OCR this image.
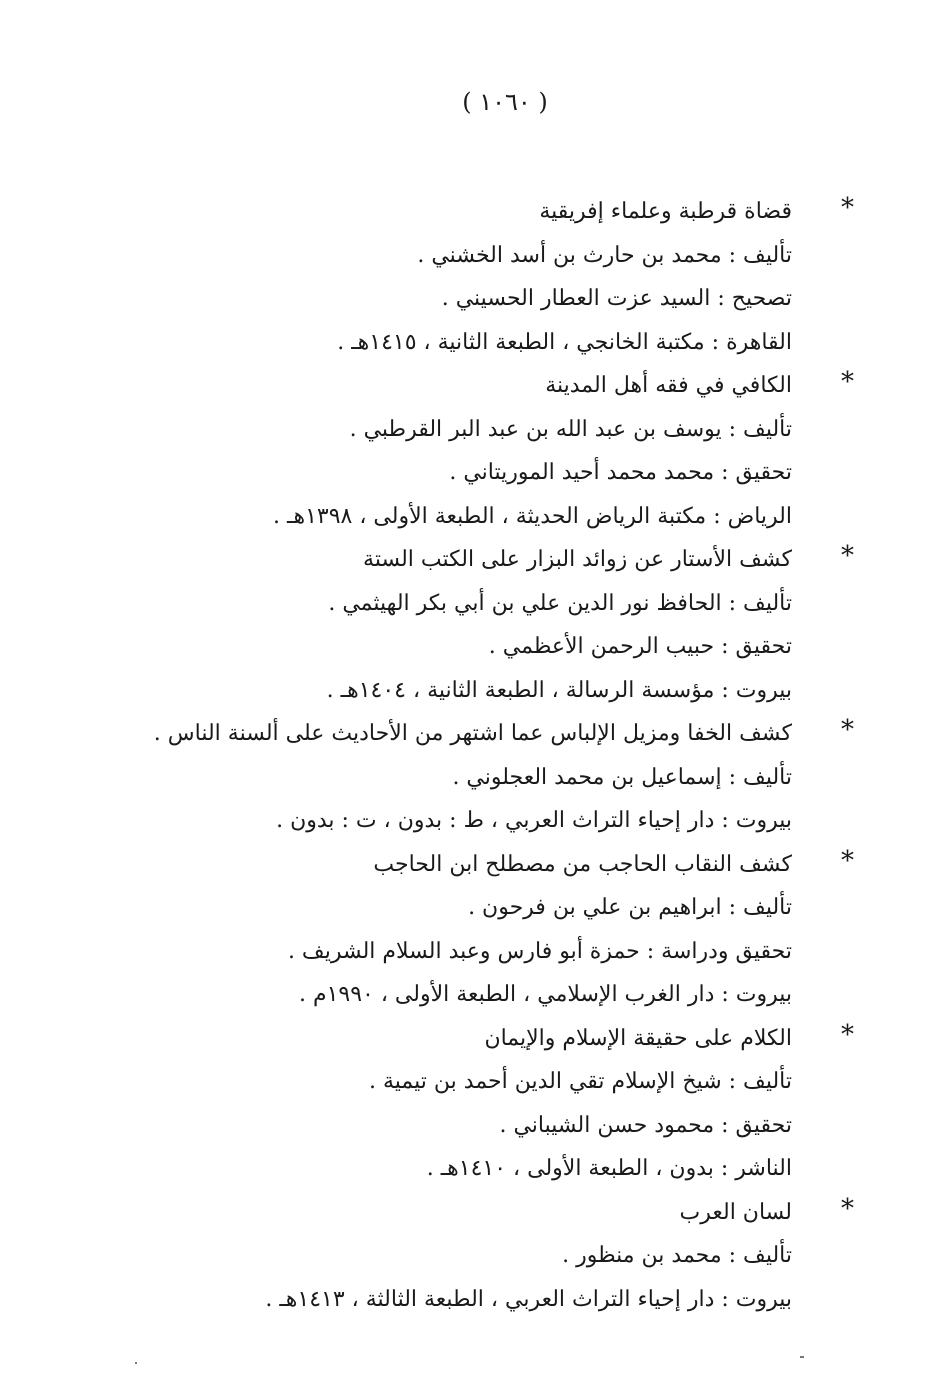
( ١٠٦٠ )
*
قضاة قرطبة وعلماء إفريقية
تأليف : محمد بن حارث بن أسد الخشني .
تصحيح : السيد عزت العطار الحسيني .
القاهرة : مكتبة الخانجي ، الطبعة الثانية ، ١٤١٥هـ .
*
الكافي في فقه أهل المدينة
تأليف : يوسف بن عبد الله بن عبد البر القرطبي .
تحقيق : محمد محمد أحيد الموريتاني .
الرياض : مكتبة الرياض الحديثة ، الطبعة الأولى ، ١٣٩٨هـ .
*
كشف الأستار عن زوائد البزار على الكتب الستة
تأليف : الحافظ نور الدين علي بن أبي بكر الهيثمي .
تحقيق : حبيب الرحمن الأعظمي .
بيروت : مؤسسة الرسالة ، الطبعة الثانية ، ١٤٠٤هـ .
*
كشف الخفا ومزيل الإلباس عما اشتهر من الأحاديث على ألسنة الناس .
تأليف : إسماعيل بن محمد العجلوني .
بيروت : دار إحياء التراث العربي ، ط : بدون ، ت : بدون .
*
كشف النقاب الحاجب من مصطلح ابن الحاجب
تأليف : ابراهيم بن علي بن فرحون .
تحقيق ودراسة : حمزة أبو فارس وعبد السلام الشريف .
بيروت : دار الغرب الإسلامي ، الطبعة الأولى ، ١٩٩٠م .
*
الكلام على حقيقة الإسلام والإيمان
تأليف : شيخ الإسلام تقي الدين أحمد بن تيمية .
تحقيق : محمود حسن الشيباني .
الناشر : بدون ، الطبعة الأولى ، ١٤١٠هـ .
*
لسان العرب
تأليف : محمد بن منظور .
بيروت : دار إحياء التراث العربي ، الطبعة الثالثة ، ١٤١٣هـ .
